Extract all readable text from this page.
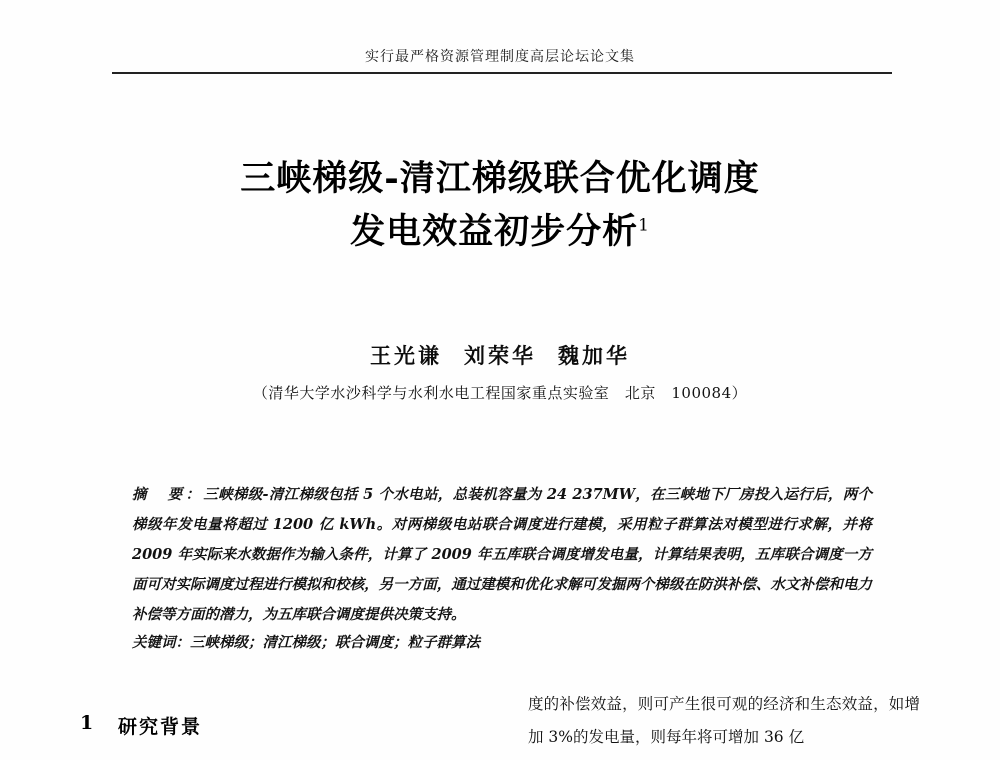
实行最严格资源管理制度高层论坛论文集
三峡梯级-清江梯级联合优化调度
发电效益初步分析$^1$
王光谦 刘荣华 魏加华
（清华大学水沙科学与水利水电工程国家重点实验室　北京　100084）
摘　要：三峡梯级-清江梯级包括 5 个水电站，总装机容量为 24 237MW，在三峡地下厂房投入运行后，两个梯级年发电量将超过 1200 亿 kWh。对两梯级电站联合调度进行建模，采用粒子群算法对模型进行求解，并将 2009 年实际来水数据作为输入条件，计算了 2009 年五库联合调度增发电量，计算结果表明，五库联合调度一方面可对实际调度过程进行模拟和校核，另一方面，通过建模和优化求解可发掘两个梯级在防洪补偿、水文补偿和电力补偿等方面的潜力，为五库联合调度提供决策支持。
关键词：三峡梯级；清江梯级；联合调度；粒子群算法
1 研究背景
度的补偿效益，则可产生很可观的经济和生态效益，如增加 3%的发电量，则每年将可增加 36 亿
